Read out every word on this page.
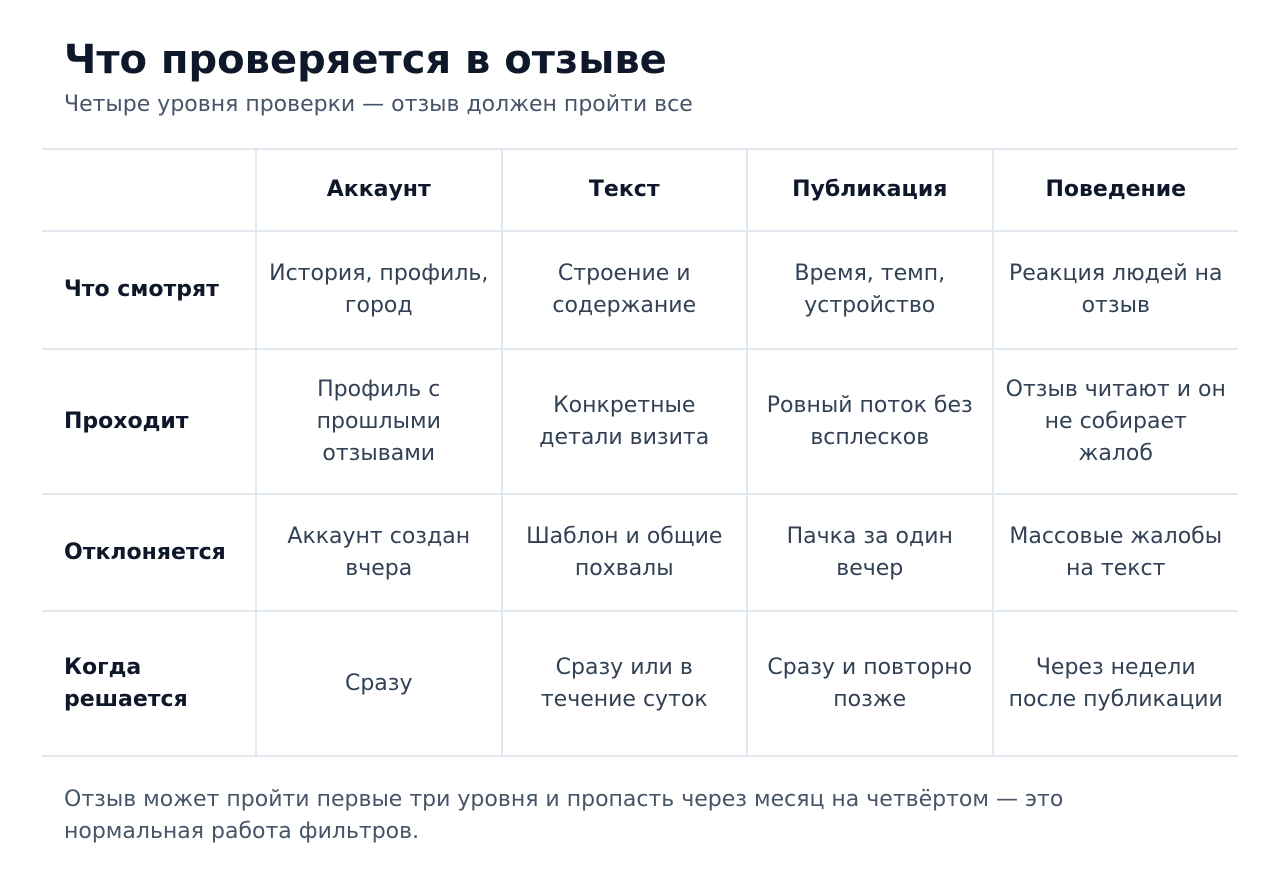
Что проверяется в отзыве

Четыре уровня проверки — отзыв должен пройти все

	Аккаунт	Текст	Публикация	Поведение
Что смотрят	История, профиль, город	Строение и содержание	Время, темп, устройство	Реакция людей на отзыв
Проходит	Профиль с прошлыми отзывами	Конкретные детали визита	Ровный поток без всплесков	Отзыв читают и он не собирает жалоб
Отклоняется	Аккаунт создан вчера	Шаблон и общие похвалы	Пачка за один вечер	Массовые жалобы на текст
Когда решается	Сразу	Сразу или в течение суток	Сразу и повторно позже	Через недели после публикации

Отзыв может пройти первые три уровня и пропасть через месяц на четвёртом — это нормальная работа фильтров.
